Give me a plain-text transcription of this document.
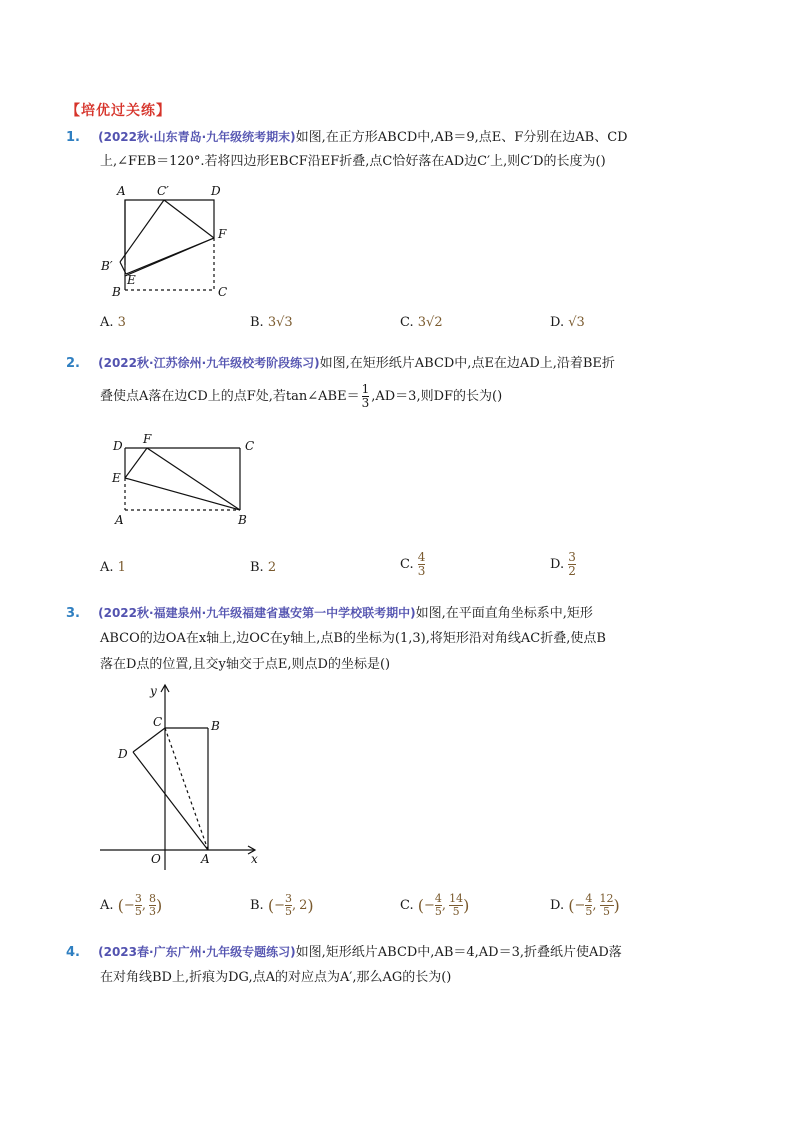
【培优过关练】
1. (2022秋·山东青岛·九年级统考期末)如图,在正方形ABCD中,AB＝9,点E、F分别在边AB、CD
上,∠FEB＝120°.若将四边形EBCF沿EF折叠,点C恰好落在AD边C′上,则C′D的长度为()
A	C′	D
F
B′
E
B	C
A. 3	B. 3√3	C. 3√2	D. √3
2. (2022秋·江苏徐州·九年级校考阶段练习)如图,在矩形纸片ABCD中,点E在边AD上,沿着BE折
叠使点A落在边CD上的点F处,若tan∠ABE＝ $\frac{1}{3} ,AD=3$,则DF的长为()
D F	C
E
A	B
A. 1	B. 2	C. $\frac{4}{3}$	D. $\frac{3}{2}$
3. (2022秋·福建泉州·九年级福建省惠安第一中学校联考期中)如图,在平面直角坐标系中,矩形
ABCO的边OA在x轴上,边OC在y轴上,点B的坐标为(1,3),将矩形沿对角线AC折叠,使点B
落在D点的位置,且交y轴交于点E,则点D的坐标是()
y
C	B
D
O	A	x
A. (− $\frac{3}{5}$ , $\frac{8}{3}$ )	B. (− $\frac{3}{5}$ , 2)	C. (− $\frac{4}{5}$ , $\frac{14}{5}$ )	D. (− $\frac{4}{5}$ , $\frac{12}{5}$ )
4. (2023春·广东广州·九年级专题练习)如图,矩形纸片ABCD中,AB＝4,AD＝3,折叠纸片使AD落
在对角线BD上,折痕为DG,点A的对应点为A′,那么AG的长为()
